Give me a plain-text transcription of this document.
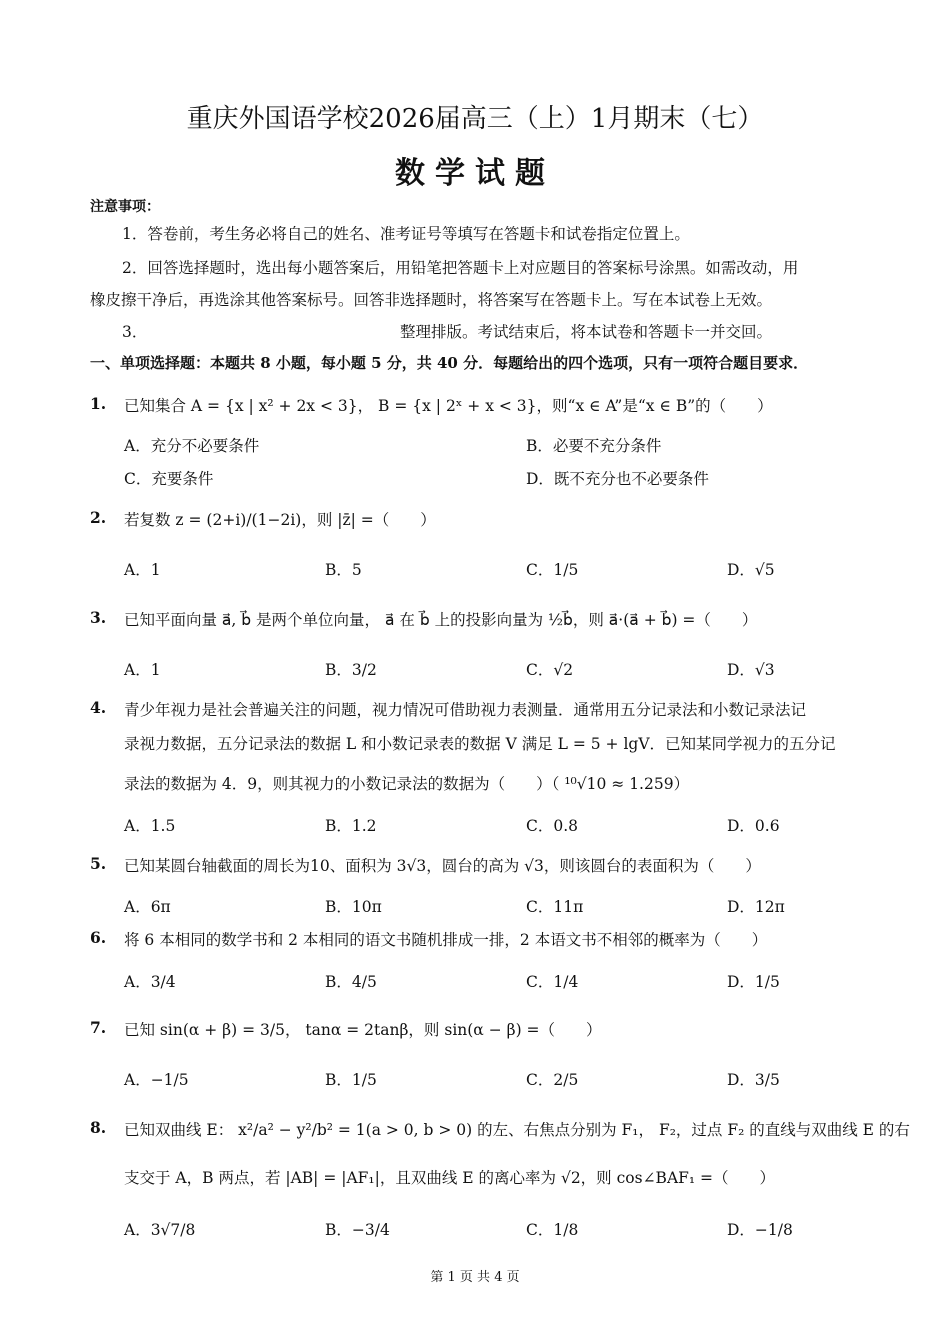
重庆外国语学校2026届高三（上）1月期末（七）
数学试题
注意事项：
1．答卷前，考生务必将自己的姓名、准考证号等填写在答题卡和试卷指定位置上。
2．回答选择题时，选出每小题答案后，用铅笔把答题卡上对应题目的答案标号涂黑。如需改动，用
橡皮擦干净后，再选涂其他答案标号。回答非选择题时，将答案写在答题卡上。写在本试卷上无效。
3．	整理排版。考试结束后，将本试卷和答题卡一并交回。
一、单项选择题：本题共 8 小题，每小题 5 分，共 40 分．每题给出的四个选项，只有一项符合题目要求．
1. 已知集合 A = {x | x² + 2x < 3}， B = {x | 2ˣ + x < 3}，则“x ∈ A”是“x ∈ B”的（　　）
A．充分不必要条件	B．必要不充分条件
C．充要条件	D．既不充分也不必要条件
2. 若复数 z = (2+i)/(1−2i)，则 |z̄| =（　　）
A．1	B．5	C．1/5	D．√5
3. 已知平面向量 a⃗, b⃗ 是两个单位向量， a⃗ 在 b⃗ 上的投影向量为 ½b⃗，则 a⃗·(a⃗ + b⃗) =（　　）
A．1	B．3/2	C．√2	D．√3
4. 青少年视力是社会普遍关注的问题，视力情况可借助视力表测量．通常用五分记录法和小数记录法记
录视力数据，五分记录法的数据 L 和小数记录表的数据 V 满足 L = 5 + lgV．已知某同学视力的五分记
录法的数据为 4．9，则其视力的小数记录法的数据为（　　）（ ¹⁰√10 ≈ 1.259）
A．1.5	B．1.2	C．0.8	D．0.6
5. 已知某圆台轴截面的周长为10、面积为 3√3，圆台的高为 √3，则该圆台的表面积为（　　）
A．6π	B．10π	C．11π	D．12π
6. 将 6 本相同的数学书和 2 本相同的语文书随机排成一排，2 本语文书不相邻的概率为（　　）
A．3/4	B．4/5	C．1/4	D．1/5
7. 已知 sin(α + β) = 3/5， tanα = 2tanβ，则 sin(α − β) =（　　）
A．−1/5	B．1/5	C．2/5	D．3/5
8. 已知双曲线 E： x²/a² − y²/b² = 1(a > 0, b > 0) 的左、右焦点分别为 F₁， F₂，过点 F₂ 的直线与双曲线 E 的右
支交于 A，B 两点，若 |AB| = |AF₁|，且双曲线 E 的离心率为 √2，则 cos∠BAF₁ =（　　）
A．3√7/8	B．−3/4	C．1/8	D．−1/8
第 1 页 共 4 页
